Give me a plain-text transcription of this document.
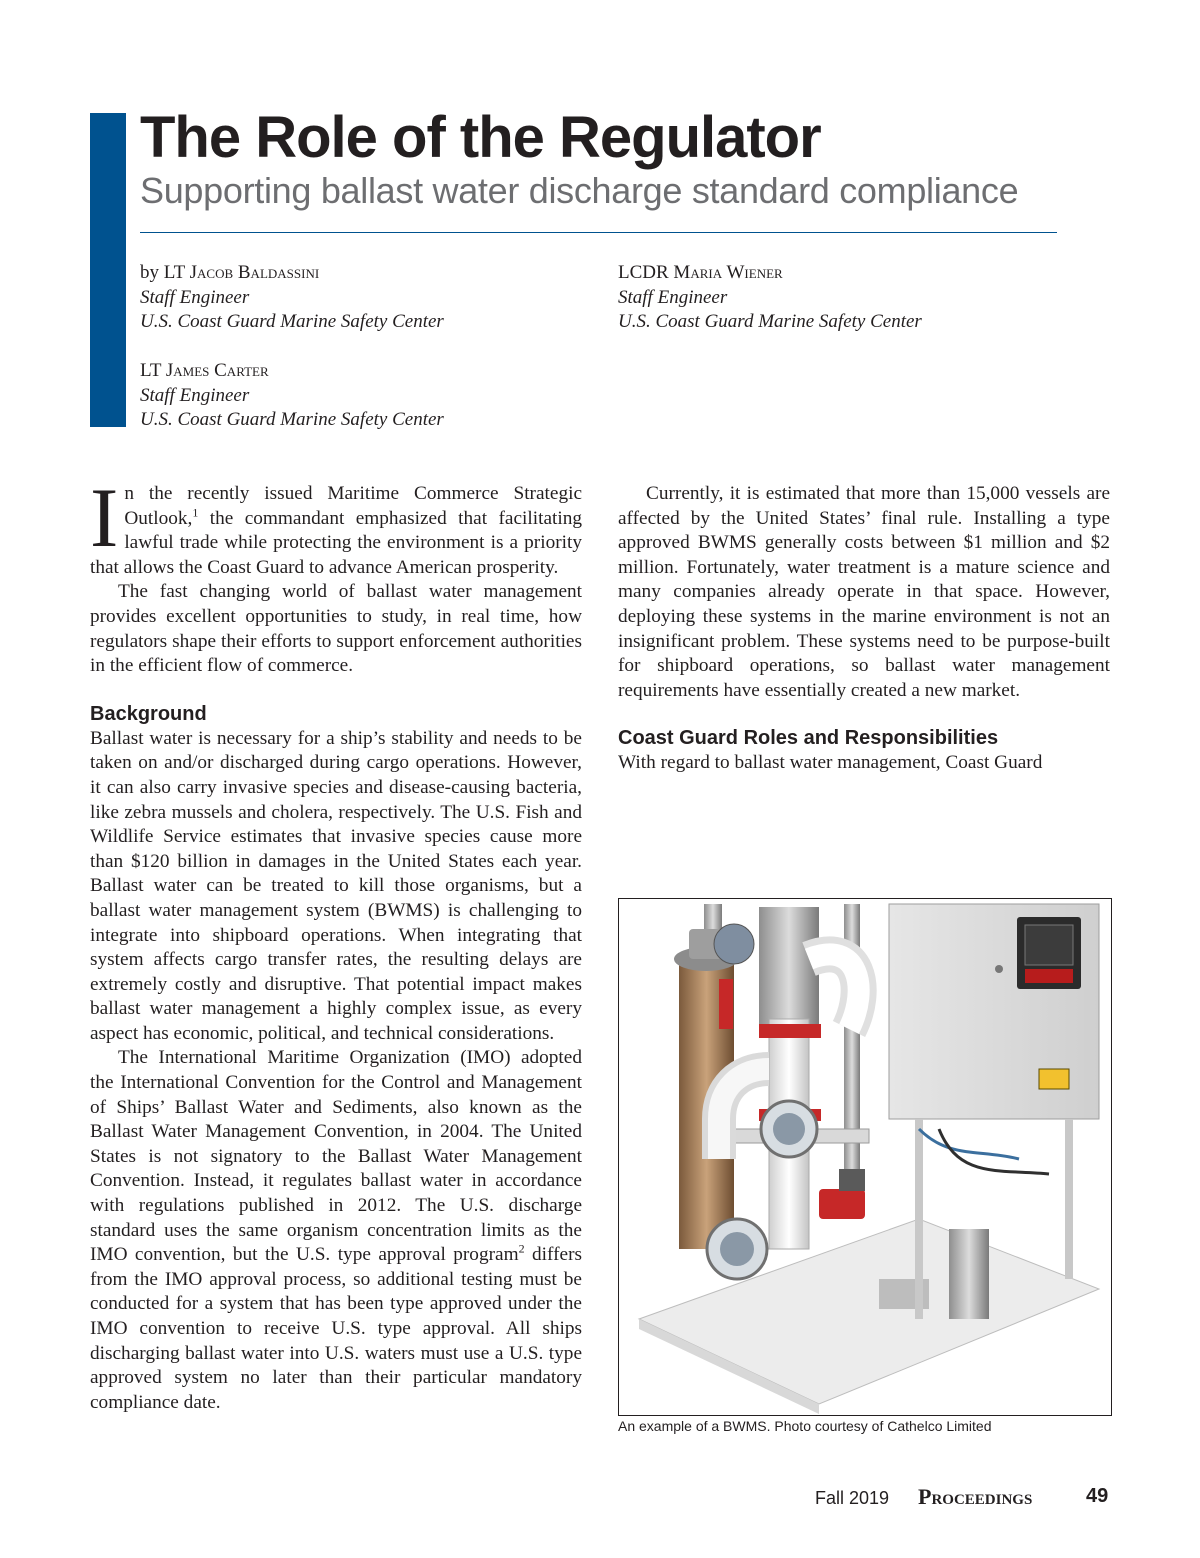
The Role of the Regulator
Supporting ballast water discharge standard compliance
by LT Jacob Baldassini
Staff Engineer
U.S. Coast Guard Marine Safety Center
LCDR Maria Wiener
Staff Engineer
U.S. Coast Guard Marine Safety Center
LT James Carter
Staff Engineer
U.S. Coast Guard Marine Safety Center

In the recently issued Maritime Commerce Strategic Outlook,$^1$ the commandant emphasized that facilitating lawful trade while protecting the environment is a priority that allows the Coast Guard to advance American prosperity.

The fast changing world of ballast water management provides excellent opportunities to study, in real time, how regulators shape their efforts to support enforcement authorities in the efficient flow of commerce.

Background

Ballast water is necessary for a ship’s stability and needs to be taken on and/or discharged during cargo operations. However, it can also carry invasive species and disease-causing bacteria, like zebra mussels and cholera, respectively. The U.S. Fish and Wildlife Service estimates that invasive species cause more than $120 billion in damages in the United States each year. Ballast water can be treated to kill those organisms, but a ballast water management system (BWMS) is challenging to integrate into shipboard operations. When integrating that system affects cargo transfer rates, the resulting delays are extremely costly and disruptive. That potential impact makes ballast water management a highly complex issue, as every aspect has economic, political, and technical considerations.

The International Maritime Organization (IMO) adopted the International Convention for the Control and Management of Ships’ Ballast Water and Sediments, also known as the Ballast Water Management Convention, in 2004. The United States is not signatory to the Ballast Water Management Convention. Instead, it regulates ballast water in accordance with regulations published in 2012. The U.S. discharge standard uses the same organism concentration limits as the IMO convention, but the U.S. type approval program$^2$ differs from the IMO approval process, so additional testing must be conducted for a system that has been type approved under the IMO convention to receive U.S. type approval. All ships discharging ballast water into U.S. waters must use a U.S. type approved system no later than their particular mandatory compliance date.

Currently, it is estimated that more than 15,000 vessels are affected by the United States’ final rule. Installing a type approved BWMS generally costs between $1 million and $2 million. Fortunately, water treatment is a mature science and many companies already operate in that space. However, deploying these systems in the marine environment is not an insignificant problem. These systems need to be purpose-built for shipboard operations, so ballast water management requirements have essentially created a new market.

Coast Guard Roles and Responsibilities

With regard to ballast water management, Coast Guard

An example of a BWMS. Photo courtesy of Cathelco Limited
Fall 2019 Proceedings	49
